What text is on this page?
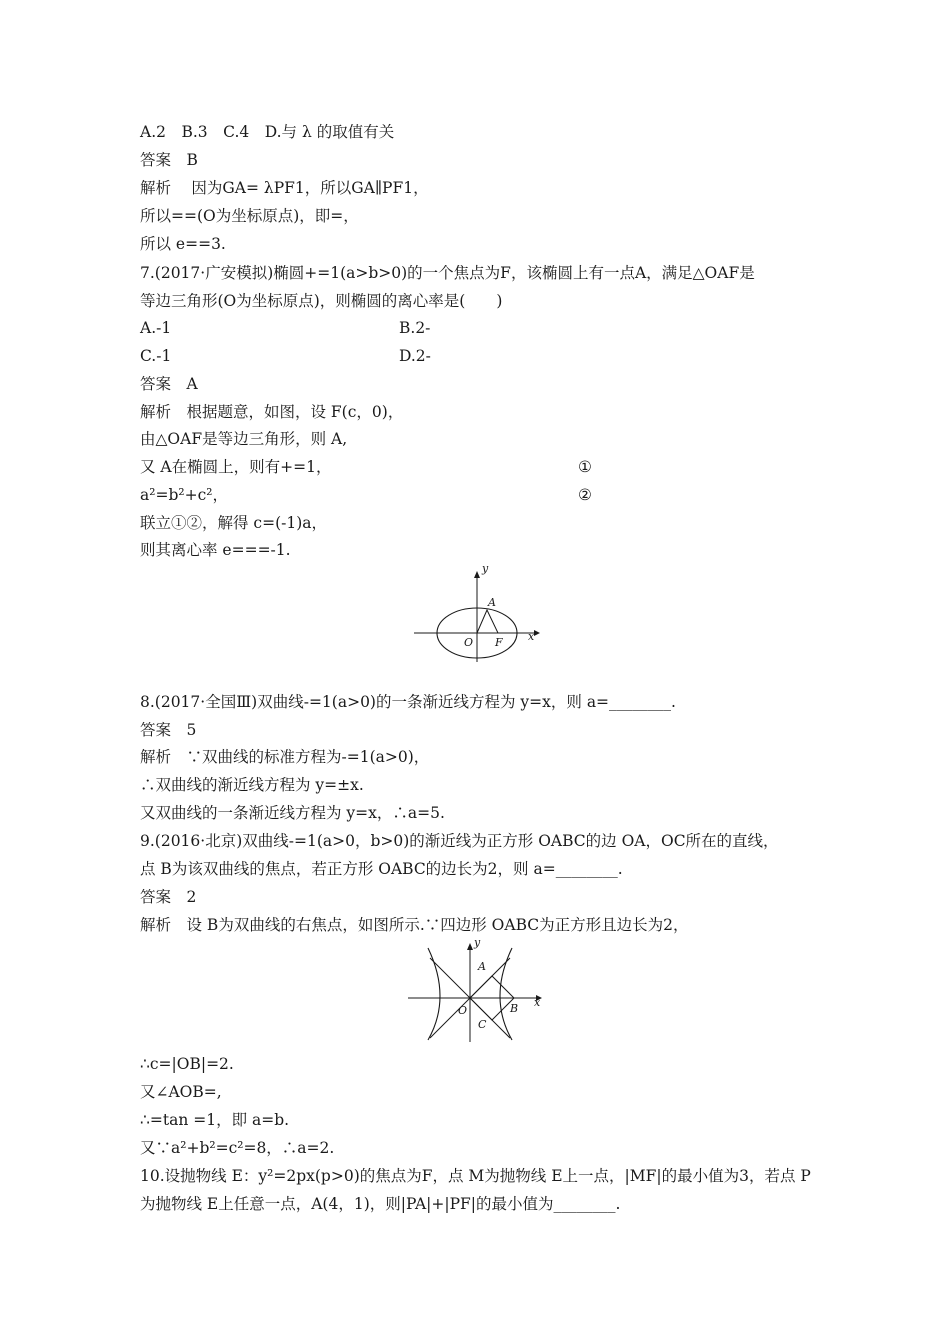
A.2　B.3　C.4　D.与 λ 的取值有关
答案　B
解析　 因为GA= λPF1，所以GA∥PF1，
所以==(O为坐标原点)，即=，
所以 e==3.
7.(2017·广安模拟)椭圆+=1(a>b>0)的一个焦点为F，该椭圆上有一点A，满足△OAF是
等边三角形(O为坐标原点)，则椭圆的离心率是(　　)
A.-1	B.2-
C.-1	D.2-
答案　A
解析　根据题意，如图，设 F(c，0)，
由△OAF是等边三角形，则 A,
又 A在椭圆上，则有+=1，	①
a²=b²+c²，	②
联立①②，解得 c=(-1)a，
则其离心率 e===-1.
y
x
A
O F
8.(2017·全国Ⅲ)双曲线-=1(a>0)的一条渐近线方程为 y=x，则 a=________.
答案　5
解析　∵双曲线的标准方程为-=1(a>0)，
∴双曲线的渐近线方程为 y=±x.
又双曲线的一条渐近线方程为 y=x，∴a=5.
9.(2016·北京)双曲线-=1(a>0，b>0)的渐近线为正方形 OABC的边 OA，OC所在的直线，
点 B为该双曲线的焦点，若正方形 OABC的边长为2，则 a=________.
答案　2
解析　设 B为双曲线的右焦点，如图所示.∵四边形 OABC为正方形且边长为2，
y
x
A
B
O
C
∴c=|OB|=2.
又∠AOB=,
∴=tan =1，即 a=b.
又∵a²+b²=c²=8，∴a=2.
10.设抛物线 E：y²=2px(p>0)的焦点为F，点 M为抛物线 E上一点，|MF|的最小值为3，若点 P
为抛物线 E上任意一点，A(4，1)，则|PA|+|PF|的最小值为________.
